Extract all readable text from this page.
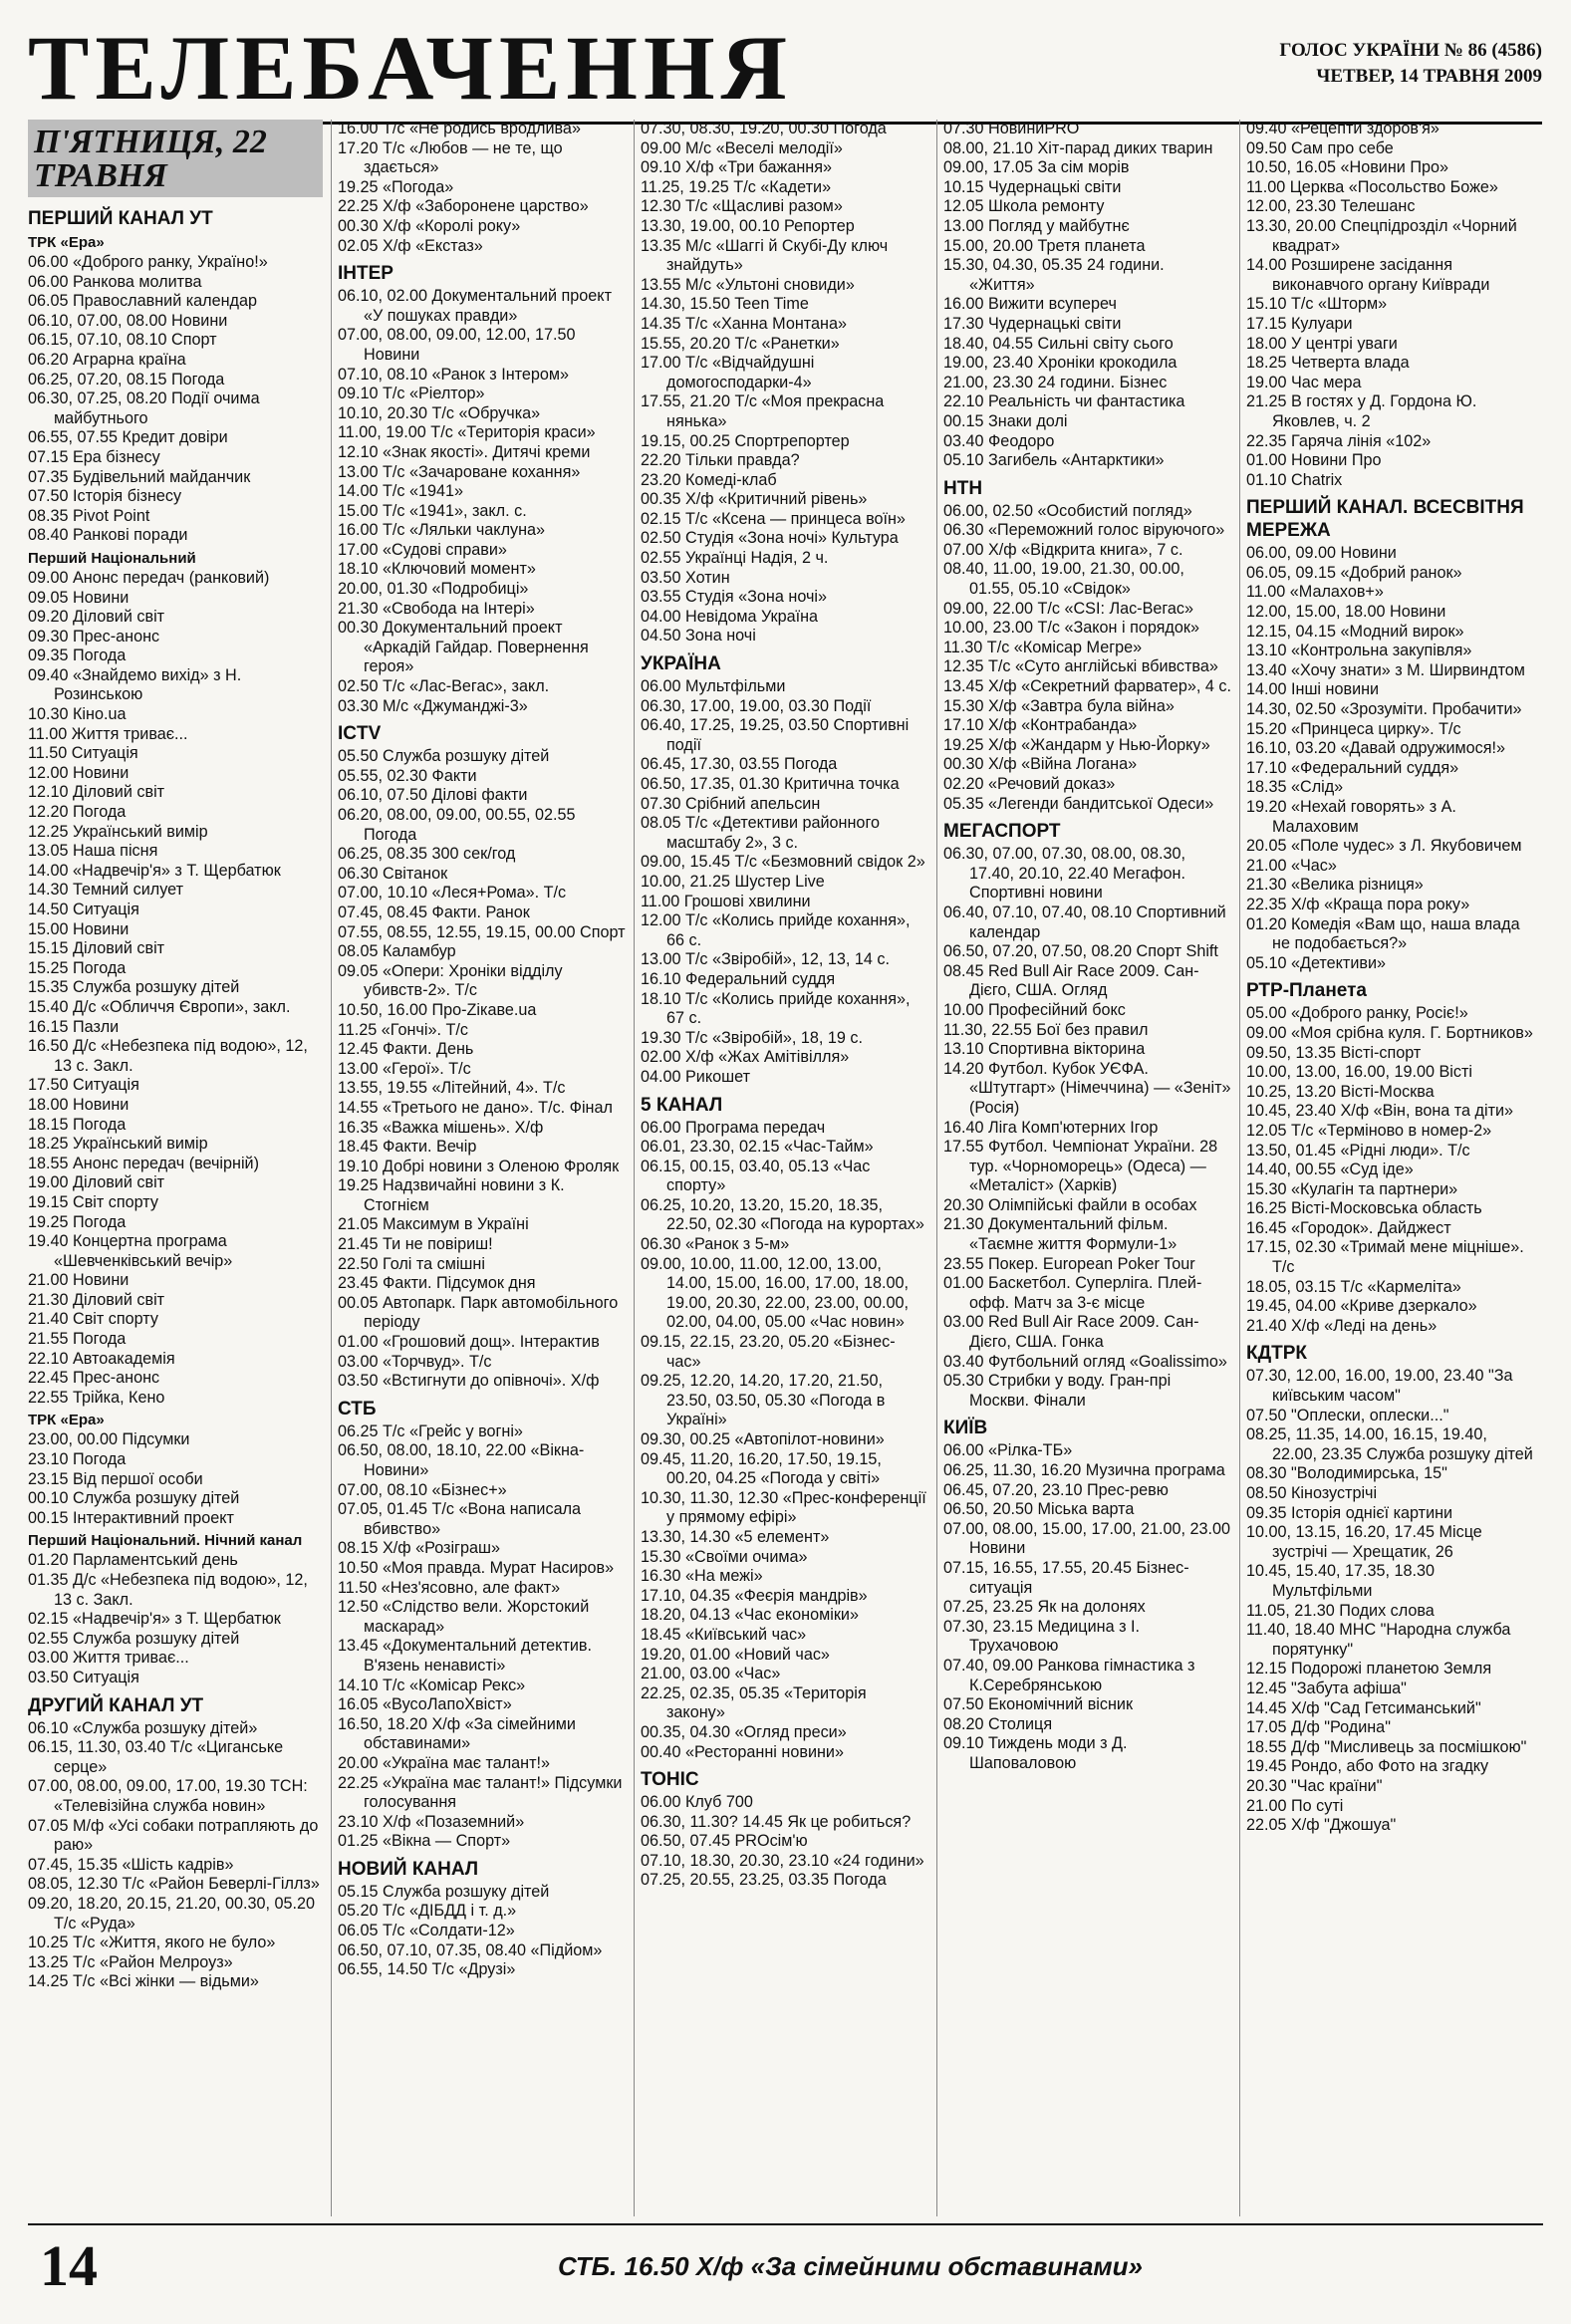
ТЕЛЕБАЧЕННЯ	ГОЛОС УКРАЇНИ № 86 (4586)
ЧЕТВЕР, 14 ТРАВНЯ 2009
П'ЯТНИЦЯ, 22 ТРАВНЯ
ПЕРШИЙ КАНАЛ УТ
ТРК «Ера»
06.00 «Доброго ранку, Україно!»
06.00 Ранкова молитва
06.05 Православний календар
06.10, 07.00, 08.00 Новини
06.15, 07.10, 08.10 Спорт
06.20 Аграрна країна
06.25, 07.20, 08.15 Погода
06.30, 07.25, 08.20 Події очима майбутнього
06.55, 07.55 Кредит довіри
07.15 Ера бізнесу
07.35 Будівельний майданчик
07.50 Історія бізнесу
08.35 Pivot Point
08.40 Ранкові поради
Перший Національний
09.00 Анонс передач (ранковий)
09.05 Новини
09.20 Діловий світ
09.30 Прес-анонс
09.35 Погода
09.40 «Знайдемо вихід» з Н. Розинською
10.30 Кіно.ua
11.00 Життя триває...
11.50 Ситуація
12.00 Новини
12.10 Діловий світ
12.20 Погода
12.25 Український вимір
13.05 Наша пісня
14.00 «Надвечір'я» з Т. Щербатюк
14.30 Темний силует
14.50 Ситуація
15.00 Новини
15.15 Діловий світ
15.25 Погода
15.35 Служба розшуку дітей
15.40 Д/с «Обличчя Європи», закл.
16.15 Пазли
16.50 Д/с «Небезпека під водою», 12, 13 с. Закл.
17.50 Ситуація
18.00 Новини
18.15 Погода
18.25 Український вимір
18.55 Анонс передач (вечірній)
19.00 Діловий світ
19.15 Світ спорту
19.25 Погода
19.40 Концертна програма «Шевченківський вечір»
21.00 Новини
21.30 Діловий світ
21.40 Світ спорту
21.55 Погода
22.10 Автоакадемія
22.45 Прес-анонс
22.55 Трійка, Кено
ТРК «Ера»
23.00, 00.00 Підсумки
23.10 Погода
23.15 Від першої особи
00.10 Служба розшуку дітей
00.15 Інтерактивний проект
Перший Національний. Нічний канал
01.20 Парламентський день
01.35 Д/с «Небезпека під водою», 12, 13 с. Закл.
02.15 «Надвечір'я» з Т. Щербатюк
02.55 Служба розшуку дітей
03.00 Життя триває...
03.50 Ситуація
ДРУГИЙ КАНАЛ УТ
06.10 «Служба розшуку дітей»
06.15, 11.30, 03.40 Т/с «Циганське серце»
07.00, 08.00, 09.00, 17.00, 19.30 ТСН: «Телевізійна служба новин»
07.05 М/ф «Усі собаки потрапляють до раю»
07.45, 15.35 «Шість кадрів»
08.05, 12.30 Т/с «Район Беверлі-Гіллз»
09.20, 18.20, 20.15, 21.20, 00.30, 05.20 Т/с «Руда»
10.25 Т/с «Життя, якого не було»
13.25 Т/с «Район Мелроуз»
14.25 Т/с «Всі жінки — відьми»
16.00 Т/с «Не родись вродлива»
17.20 Т/с «Любов — не те, що здається»
19.25 «Погода»
22.25 Х/ф «Заборонене царство»
00.30 Х/ф «Королі року»
02.05 Х/ф «Екстаз»
ІНТЕР
06.10, 02.00 Документальний проект «У пошуках правди»
07.00, 08.00, 09.00, 12.00, 17.50 Новини
07.10, 08.10 «Ранок з Інтером»
09.10 Т/с «Ріелтор»
10.10, 20.30 Т/с «Обручка»
11.00, 19.00 Т/с «Територія краси»
12.10 «Знак якості». Дитячі креми
13.00 Т/с «Зачароване кохання»
14.00 Т/с «1941»
15.00 Т/с «1941», закл. с.
16.00 Т/с «Ляльки чаклуна»
17.00 «Судові справи»
18.10 «Ключовий момент»
20.00, 01.30 «Подробиці»
21.30 «Свобода на Інтері»
00.30 Документальний проект «Аркадій Гайдар. Повернення героя»
02.50 Т/с «Лас-Вегас», закл.
03.30 М/с «Джуманджі-3»
ICTV
05.50 Служба розшуку дітей
05.55, 02.30 Факти
06.10, 07.50 Ділові факти
06.20, 08.00, 09.00, 00.55, 02.55 Погода
06.25, 08.35 300 сек/год
06.30 Світанок
07.00, 10.10 «Леся+Рома». Т/с
07.45, 08.45 Факти. Ранок
07.55, 08.55, 12.55, 19.15, 00.00 Спорт
08.05 Каламбур
09.05 «Опери: Хроніки відділу убивств-2». Т/с
10.50, 16.00 Про-Zікаве.ua
11.25 «Гончі». Т/с
12.45 Факти. День
13.00 «Герої». Т/с
13.55, 19.55 «Літейний, 4». Т/с
14.55 «Третього не дано». Т/с. Фінал
16.35 «Важка мішень». Х/ф
18.45 Факти. Вечір
19.10 Добрі новини з Оленою Фроляк
19.25 Надзвичайні новини з К. Стогнієм
21.05 Максимум в Україні
21.45 Ти не повіриш!
22.50 Голі та смішні
23.45 Факти. Підсумок дня
00.05 Автопарк. Парк автомобільного періоду
01.00 «Грошовий дощ». Інтерактив
03.00 «Торчвуд». Т/с
03.50 «Встигнути до опівночі». Х/ф
СТБ
06.25 Т/с «Грейс у вогні»
06.50, 08.00, 18.10, 22.00 «Вікна-Новини»
07.00, 08.10 «Бізнес+»
07.05, 01.45 Т/с «Вона написала вбивство»
08.15 Х/ф «Розіграш»
10.50 «Моя правда. Мурат Насиров»
11.50 «Нез'ясовно, але факт»
12.50 «Слідство вели. Жорстокий маскарад»
13.45 «Документальний детектив. В'язень ненависті»
14.10 Т/с «Комісар Рекс»
16.05 «ВусоЛапоХвіст»
16.50, 18.20 Х/ф «За сімейними обставинами»
20.00 «Україна має талант!»
22.25 «Україна має талант!» Підсумки голосування
23.10 Х/ф «Позаземний»
01.25 «Вікна — Спорт»
НОВИЙ КАНАЛ
05.15 Служба розшуку дітей
05.20 Т/с «ДІБДД і т. д.»
06.05 Т/с «Солдати-12»
06.50, 07.10, 07.35, 08.40 «Підйом»
06.55, 14.50 Т/с «Друзі»
07.30, 08.30, 19.20, 00.30 Погода
09.00 М/с «Веселі мелодії»
09.10 Х/ф «Три бажання»
11.25, 19.25 Т/с «Кадети»
12.30 Т/с «Щасливі разом»
13.30, 19.00, 00.10 Репортер
13.35 М/с «Шаггі й Скубі-Ду ключ знайдуть»
13.55 М/с «Ультоні сновиди»
14.30, 15.50 Teen Time
14.35 Т/с «Ханна Монтана»
15.55, 20.20 Т/с «Ранетки»
17.00 Т/с «Відчайдушні домогосподарки-4»
17.55, 21.20 Т/с «Моя прекрасна нянька»
19.15, 00.25 Спортрепортер
22.20 Тільки правда?
23.20 Комеді-клаб
00.35 Х/ф «Критичний рівень»
02.15 Т/с «Ксена — принцеса воїн»
02.50 Студія «Зона ночі» Культура
02.55 Українці Надія, 2 ч.
03.50 Хотин
03.55 Студія «Зона ночі»
04.00 Невідома Україна
04.50 Зона ночі
УКРАЇНА
06.00 Мультфільми
06.30, 17.00, 19.00, 03.30 Події
06.40, 17.25, 19.25, 03.50 Спортивні події
06.45, 17.30, 03.55 Погода
06.50, 17.35, 01.30 Критична точка
07.30 Срібний апельсин
08.05 Т/с «Детективи районного масштабу 2», 3 с.
09.00, 15.45 Т/с «Безмовний свідок 2»
10.00, 21.25 Шустер Live
11.00 Грошові хвилини
12.00 Т/с «Колись прийде кохання», 66 с.
13.00 Т/с «Звіробій», 12, 13, 14 с.
16.10 Федеральний суддя
18.10 Т/с «Колись прийде кохання», 67 с.
19.30 Т/с «Звіробій», 18, 19 с.
02.00 Х/ф «Жах Амітівілля»
04.00 Рикошет
5 КАНАЛ
06.00 Програма передач
06.01, 23.30, 02.15 «Час-Тайм»
06.15, 00.15, 03.40, 05.13 «Час спорту»
06.25, 10.20, 13.20, 15.20, 18.35, 22.50, 02.30 «Погода на курортах»
06.30 «Ранок з 5-м»
09.00, 10.00, 11.00, 12.00, 13.00, 14.00, 15.00, 16.00, 17.00, 18.00, 19.00, 20.30, 22.00, 23.00, 00.00, 02.00, 04.00, 05.00 «Час новин»
09.15, 22.15, 23.20, 05.20 «Бізнес-час»
09.25, 12.20, 14.20, 17.20, 21.50, 23.50, 03.50, 05.30 «Погода в Україні»
09.30, 00.25 «Автопілот-новини»
09.45, 11.20, 16.20, 17.50, 19.15, 00.20, 04.25 «Погода у світі»
10.30, 11.30, 12.30 «Прес-конференції у прямому ефірі»
13.30, 14.30 «5 елемент»
15.30 «Своїми очима»
16.30 «На межі»
17.10, 04.35 «Феєрія мандрів»
18.20, 04.13 «Час економіки»
18.45 «Київський час»
19.20, 01.00 «Новий час»
21.00, 03.00 «Час»
22.25, 02.35, 05.35 «Територія закону»
00.35, 04.30 «Огляд преси»
00.40 «Ресторанні новини»
ТОНІС
06.00 Клуб 700
06.30, 11.30? 14.45 Як це робиться?
06.50, 07.45 PROсім'ю
07.10, 18.30, 20.30, 23.10 «24 години»
07.25, 20.55, 23.25, 03.35 Погода
07.30 НовиниPRO
08.00, 21.10 Хіт-парад диких тварин
09.00, 17.05 За сім морів
10.15 Чудернацькі світи
12.05 Школа ремонту
13.00 Погляд у майбутнє
15.00, 20.00 Третя планета
15.30, 04.30, 05.35 24 години. «Життя»
16.00 Вижити всупереч
17.30 Чудернацькі світи
18.40, 04.55 Сильні світу сього
19.00, 23.40 Хроніки крокодила
21.00, 23.30 24 години. Бізнес
22.10 Реальність чи фантастика
00.15 Знаки долі
03.40 Феодоро
05.10 Загибель «Антарктики»
НТН
06.00, 02.50 «Особистий погляд»
06.30 «Переможний голос віруючого»
07.00 Х/ф «Відкрита книга», 7 с.
08.40, 11.00, 19.00, 21.30, 00.00, 01.55, 05.10 «Свідок»
09.00, 22.00 Т/с «CSI: Лас-Вегас»
10.00, 23.00 Т/с «Закон і порядок»
11.30 Т/с «Комісар Мегре»
12.35 Т/с «Суто англійські вбивства»
13.45 Х/ф «Секретний фарватер», 4 с.
15.30 Х/ф «Завтра була війна»
17.10 Х/ф «Контрабанда»
19.25 Х/ф «Жандарм у Нью-Йорку»
00.30 Х/ф «Війна Логана»
02.20 «Речовий доказ»
05.35 «Легенди бандитської Одеси»
МЕГАСПОРТ
06.30, 07.00, 07.30, 08.00, 08.30, 17.40, 20.10, 22.40 Мегафон. Спортивні новини
06.40, 07.10, 07.40, 08.10 Спортивний календар
06.50, 07.20, 07.50, 08.20 Спорт Shift
08.45 Red Bull Air Race 2009. Сан-Дієго, США. Огляд
10.00 Професійний бокс
11.30, 22.55 Бої без правил
13.10 Спортивна вікторина
14.20 Футбол. Кубок УЄФА. «Штутгарт» (Німеччина) — «Зеніт» (Росія)
16.40 Ліга Комп'ютерних Ігор
17.55 Футбол. Чемпіонат України. 28 тур. «Чорноморець» (Одеса) — «Металіст» (Харків)
20.30 Олімпійські файли в особах
21.30 Документальний фільм. «Таємне життя Формули-1»
23.55 Покер. European Poker Tour
01.00 Баскетбол. Суперліга. Плей-офф. Матч за 3-є місце
03.00 Red Bull Air Race 2009. Сан-Дієго, США. Гонка
03.40 Футбольний огляд «Goalissimo»
05.30 Стрибки у воду. Гран-прі Москви. Фінали
КИЇВ
06.00 «Рілка-ТБ»
06.25, 11.30, 16.20 Музична програма
06.45, 07.20, 23.10 Прес-ревю
06.50, 20.50 Міська варта
07.00, 08.00, 15.00, 17.00, 21.00, 23.00 Новини
07.15, 16.55, 17.55, 20.45 Бізнес-ситуація
07.25, 23.25 Як на долонях
07.30, 23.15 Медицина з І. Трухачовою
07.40, 09.00 Ранкова гімнастика з К.Серебрянською
07.50 Економічний вісник
08.20 Столиця
09.10 Тиждень моди з Д. Шаповаловою
09.40 «Рецепти здоров'я»
09.50 Сам про себе
10.50, 16.05 «Новини Про»
11.00 Церква «Посольство Боже»
12.00, 23.30 Телешанс
13.30, 20.00 Спецпідрозділ «Чорний квадрат»
14.00 Розширене засідання виконавчого органу Київради
15.10 Т/с «Шторм»
17.15 Кулуари
18.00 У центрі уваги
18.25 Четверта влада
19.00 Час мера
21.25 В гостях у Д. Гордона Ю. Яковлев, ч. 2
22.35 Гаряча лінія «102»
01.00 Новини Про
01.10 Chatrix
ПЕРШИЙ КАНАЛ. ВСЕСВІТНЯ МЕРЕЖА
06.00, 09.00 Новини
06.05, 09.15 «Добрий ранок»
11.00 «Малахов+»
12.00, 15.00, 18.00 Новини
12.15, 04.15 «Модний вирок»
13.10 «Контрольна закупівля»
13.40 «Хочу знати» з М. Ширвиндтом
14.00 Інші новини
14.30, 02.50 «Зрозуміти. Пробачити»
15.20 «Принцеса цирку». Т/с
16.10, 03.20 «Давай одружимося!»
17.10 «Федеральний суддя»
18.35 «Слід»
19.20 «Нехай говорять» з А. Малаховим
20.05 «Поле чудес» з Л. Якубовичем
21.00 «Час»
21.30 «Велика різниця»
22.35 Х/ф «Краща пора року»
01.20 Комедія «Вам що, наша влада не подобається?»
05.10 «Детективи»
РТР-Планета
05.00 «Доброго ранку, Росіє!»
09.00 «Моя срібна куля. Г. Бортников»
09.50, 13.35 Вісті-спорт
10.00, 13.00, 16.00, 19.00 Вісті
10.25, 13.20 Вісті-Москва
10.45, 23.40 Х/ф «Він, вона та діти»
12.05 Т/с «Терміново в номер-2»
13.50, 01.45 «Рідні люди». Т/с
14.40, 00.55 «Суд іде»
15.30 «Кулагін та партнери»
16.25 Вісті-Московська область
16.45 «Городок». Дайджест
17.15, 02.30 «Тримай мене міцніше». Т/с
18.05, 03.15 Т/с «Кармеліта»
19.45, 04.00 «Криве дзеркало»
21.40 Х/ф «Леді на день»
КДТРК
07.30, 12.00, 16.00, 19.00, 23.40 "За київським часом"
07.50 "Оплески, оплески..."
08.25, 11.35, 14.00, 16.15, 19.40, 22.00, 23.35 Служба розшуку дітей
08.30 "Володимирська, 15"
08.50 Кінозустрічі
09.35 Історія однієї картини
10.00, 13.15, 16.20, 17.45 Місце зустрічі — Хрещатик, 26
10.45, 15.40, 17.35, 18.30 Мультфільми
11.05, 21.30 Подих слова
11.40, 18.40 МНС "Народна служба порятунку"
12.15 Подорожі планетою Земля
12.45 "Забута афіша"
14.45 Х/ф "Сад Гетсиманський"
17.05 Д/ф "Родина"
18.55 Д/ф "Мисливець за посмішкою"
19.45 Рондо, або Фото на згадку
20.30 "Час країни"
21.00 По суті
22.05 Х/ф "Джошуа"
14	СТБ. 16.50 Х/ф «За сімейними обставинами»
